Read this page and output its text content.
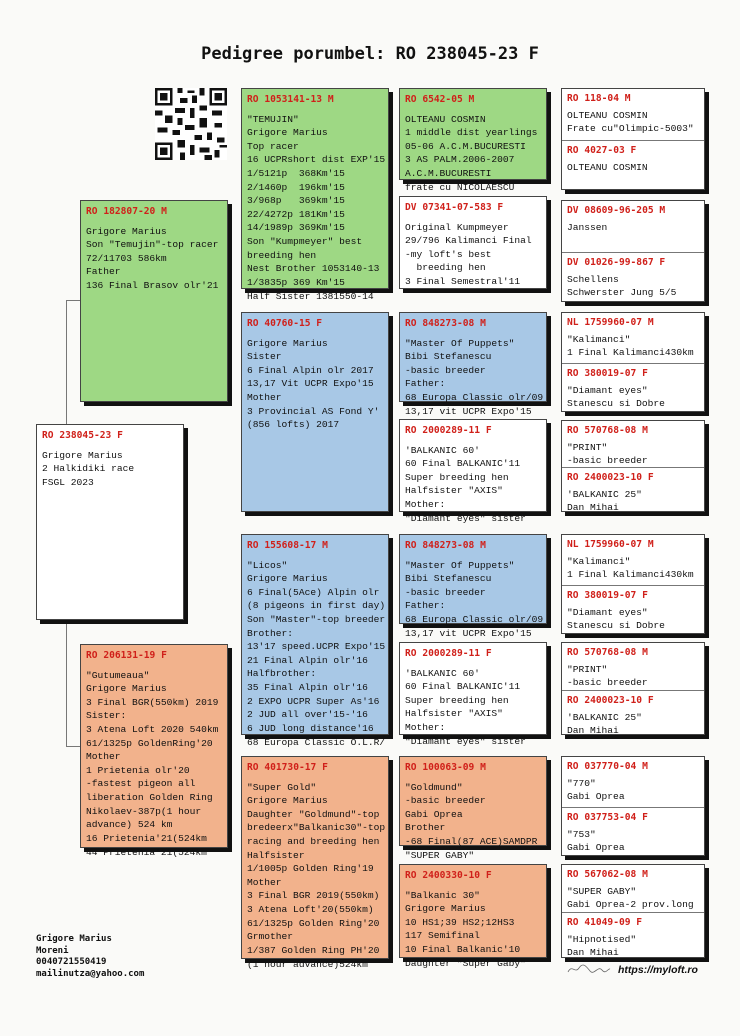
Pedigree porumbel: RO 238045-23 F
RO 238045-23 F
Grigore Marius
2 Halkidiki race
FSGL 2023
RO 182807-20 M
Grigore Marius
Son "Temujin"-top racer
72/11703 586km
Father
136 Final Brasov olr'21
RO 206131-19 F
"Gutumeaua"
Grigore Marius
3 Final BGR(550km) 2019
Sister:
3 Atena Loft 2020 540km
61/1325p GoldenRing'20
Mother
1 Prietenia olr'20
-fastest pigeon all
liberation Golden Ring
Nikolaev-387p(1 hour
advance) 524 km
16 Prietenia'21(524km
44 Prietenia'21(524km
RO 1053141-13 M
"TEMUJIN"
Grigore Marius
Top racer
16 UCPRshort dist EXP'15
1/5121p  368Km'15
2/1460p  196km'15
3/968p   369km'15
22/4272p 181Km'15
14/1989p 369Km'15
Son "Kumpmeyer" best
breeding hen
Nest Brother 1053140-13
1/3835p 369 Km'15
Half Sister 1381550-14
RO 40760-15 F
Grigore Marius
Sister
6 Final Alpin olr 2017
13,17 Vit UCPR Expo'15
Mother
3 Provincial AS Fond Y'
(856 lofts) 2017
RO 155608-17 M
"Licos"
Grigore Marius
6 Final(5Ace) Alpin olr
(8 pigeons in first day)
Son "Master"-top breeder
Brother:
13'17 speed.UCPR Expo'15
21 Final Alpin olr'16
Halfbrother:
35 Final Alpin olr'16
2 EXPO UCPR Super As'16
2 JUD all over'15-'16
6 JUD long distance'16
68 Europa Classic O.L.R/
RO 401730-17 F
"Super Gold"
Grigore Marius
Daughter "Goldmund"-top
bredeerx"Balkanic30"-top
racing and breeding hen
Halfsister
1/1005p Golden Ring'19
Mother
3 Final BGR 2019(550km)
3 Atena Loft'20(550km)
61/1325p Golden Ring'20
Grmother
1/387 Golden Ring PH'20
(1 hour advance)524km
RO 6542-05 M
OLTEANU COSMIN
1 middle dist yearlings
05-06 A.C.M.BUCURESTI
3 AS PALM.2006-2007
A.C.M.BUCURESTI
frate cu NICOLAESCU
DV 07341-07-583 F
Original Kumpmeyer
29/796 Kalimanci Final
-my loft's best
breeding hen
3 Final Semestral'11
RO 848273-08 M
"Master Of Puppets"
Bibi Stefanescu
-basic breeder
Father:
68 Europa Classic olr/09
13,17 vit UCPR Expo'15
RO 2000289-11 F
'BALKANIC 60'
60 Final BALKANIC'11
Super breeding hen
Halfsister "AXIS"
Mother:
"Diamant eyes" sister
RO 848273-08 M
"Master Of Puppets"
Bibi Stefanescu
-basic breeder
Father:
68 Europa Classic olr/09
13,17 vit UCPR Expo'15
RO 2000289-11 F
'BALKANIC 60'
60 Final BALKANIC'11
Super breeding hen
Halfsister "AXIS"
Mother:
"Diamant eyes" sister
RO 100063-09 M
"Goldmund"
-basic breeder
Gabi Oprea
Brother
-68 Final(87 ACE)SAMDPR
"SUPER GABY"
RO 2400330-10 F
"Balkanic 30"
Grigore Marius
10 HS1;39 HS2;12HS3
117 Semifinal
10 Final Balkanic'10
Daughter "Super Gaby"
RO 118-04 M
OLTEANU COSMIN
Frate cu"Olimpic-5003"
RO 4027-03 F
OLTEANU COSMIN
DV 08609-96-205 M
Janssen
DV 01026-99-867 F
Schellens
Schwerster Jung 5/5
NL 1759960-07 M
"Kalimanci"
1 Final Kalimanci430km
RO 380019-07 F
"Diamant eyes"
Stanescu si Dobre
RO 570768-08 M
"PRINT"
-basic breeder
RO 2400023-10 F
'BALKANIC 25"
Dan Mihai
NL 1759960-07 M
"Kalimanci"
1 Final Kalimanci430km
RO 380019-07 F
"Diamant eyes"
Stanescu si Dobre
RO 570768-08 M
"PRINT"
-basic breeder
RO 2400023-10 F
'BALKANIC 25"
Dan Mihai
RO 037770-04 M
"770"
Gabi Oprea
RO 037753-04 F
"753"
Gabi Oprea
RO 567062-08 M
"SUPER GABY"
Gabi Oprea-2 prov.long
RO 41049-09 F
"Hipnotised"
Dan Mihai
Grigore Marius
Moreni
0040721550419
mailinutza@yahoo.com	https://myloft.ro
